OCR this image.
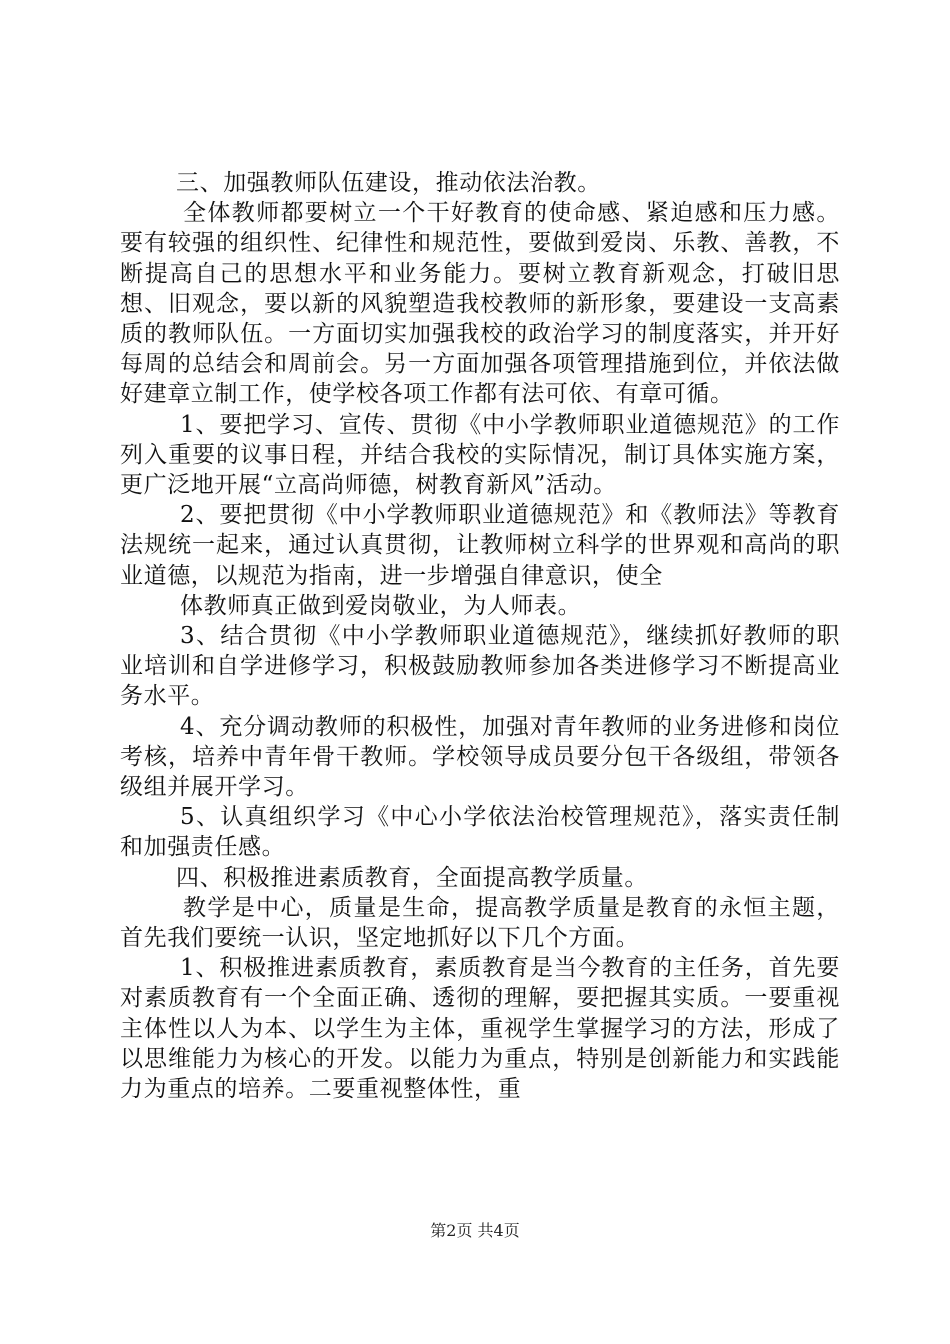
三、加强教师队伍建设，推动依法治教。

全体教师都要树立一个干好教育的使命感、紧迫感和压力感。要有较强的组织性、纪律性和规范性，要做到爱岗、乐教、善教，不断提高自己的思想水平和业务能力。要树立教育新观念，打破旧思想、旧观念，要以新的风貌塑造我校教师的新形象，要建设一支高素质的教师队伍。一方面切实加强我校的政治学习的制度落实，并开好每周的总结会和周前会。另一方面加强各项管理措施到位，并依法做好建章立制工作，使学校各项工作都有法可依、有章可循。

1、要把学习、宣传、贯彻《中小学教师职业道德规范》的工作列入重要的议事日程，并结合我校的实际情况，制订具体实施方案，更广泛地开展“立高尚师德，树教育新风”活动。

2、要把贯彻《中小学教师职业道德规范》和《教师法》等教育法规统一起来，通过认真贯彻，让教师树立科学的世界观和高尚的职业道德，以规范为指南，进一步增强自律意识，使全

体教师真正做到爱岗敬业，为人师表。

3、结合贯彻《中小学教师职业道德规范》，继续抓好教师的职业培训和自学进修学习，积极鼓励教师参加各类进修学习不断提高业务水平。

4、充分调动教师的积极性，加强对青年教师的业务进修和岗位考核，培养中青年骨干教师。学校领导成员要分包干各级组，带领各级组并展开学习。

5、认真组织学习《中心小学依法治校管理规范》，落实责任制和加强责任感。

四、积极推进素质教育，全面提高教学质量。

教学是中心，质量是生命，提高教学质量是教育的永恒主题，首先我们要统一认识，坚定地抓好以下几个方面。

1、积极推进素质教育，素质教育是当今教育的主任务，首先要对素质教育有一个全面正确、透彻的理解，要把握其实质。一要重视主体性以人为本、以学生为主体，重视学生掌握学习的方法，形成了以思维能力为核心的开发。以能力为重点，特别是创新能力和实践能力为重点的培养。二要重视整体性，重

第2页 共4页
